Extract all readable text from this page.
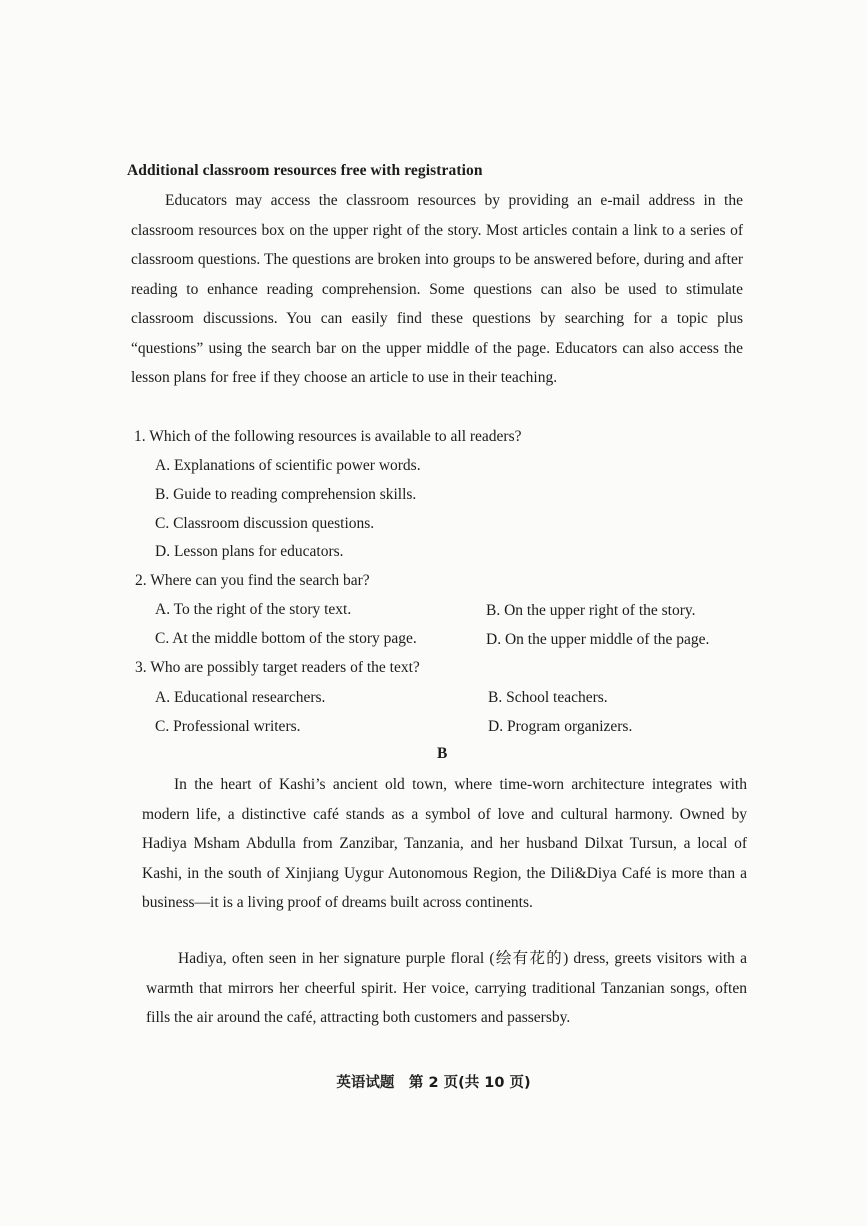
Additional classroom resources free with registration
Educators may access the classroom resources by providing an e-mail address in the classroom resources box on the upper right of the story. Most articles contain a link to a series of classroom questions. The questions are broken into groups to be answered before, during and after reading to enhance reading comprehension. Some questions can also be used to stimulate classroom discussions. You can easily find these questions by searching for a topic plus “questions” using the search bar on the upper middle of the page. Educators can also access the lesson plans for free if they choose an article to use in their teaching.
1. Which of the following resources is available to all readers?
A. Explanations of scientific power words.
B. Guide to reading comprehension skills.
C. Classroom discussion questions.
D. Lesson plans for educators.
2. Where can you find the search bar?
A. To the right of the story text.	B. On the upper right of the story.
C. At the middle bottom of the story page.	D. On the upper middle of the page.
3. Who are possibly target readers of the text?
A. Educational researchers.	B. School teachers.
C. Professional writers.	D. Program organizers.
B
In the heart of Kashi’s ancient old town, where time-worn architecture integrates with modern life, a distinctive café stands as a symbol of love and cultural harmony. Owned by Hadiya Msham Abdulla from Zanzibar, Tanzania, and her husband Dilxat Tursun, a local of Kashi, in the south of Xinjiang Uygur Autonomous Region, the Dili&Diya Café is more than a business—it is a living proof of dreams built across continents.
Hadiya, often seen in her signature purple floral (绘有花的) dress, greets visitors with a warmth that mirrors her cheerful spirit. Her voice, carrying traditional Tanzanian songs, often fills the air around the café, attracting both customers and passersby.
英语试题　第 2 页(共 10 页)
